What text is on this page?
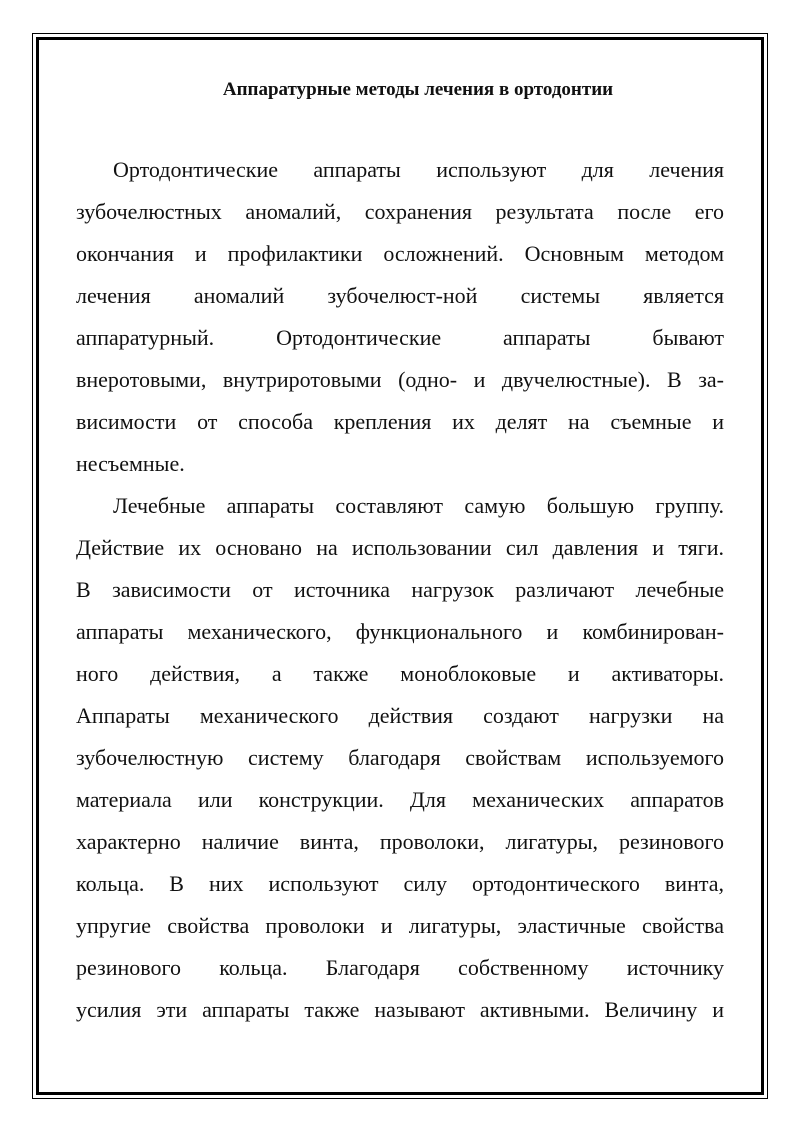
Аппаратурные методы лечения в ортодонтии

Ортодонтические аппараты используют для лечения

зубочелюстных аномалий, сохранения результата после его

окончания и профилактики осложнений. Основным методом

лечения аномалий зубочелюст-ной системы является

аппаратурный. Ортодонтические аппараты бывают

внеротовыми, внутриротовыми (одно- и двучелюстные). В за-

висимости от способа крепления их делят на съемные и

несъемные.

Лечебные аппараты составляют самую большую группу.

Действие их основано на использовании сил давления и тяги.

В зависимости от источника нагрузок различают лечебные

аппараты механического, функционального и комбинирован-

ного действия, а также моноблоковые и активаторы.

Аппараты механического действия создают нагрузки на

зубочелюстную систему благодаря свойствам используемого

материала или конструкции. Для механических аппаратов

характерно наличие винта, проволоки, лигатуры, резинового

кольца. В них используют силу ортодонтического винта,

упругие свойства проволоки и лигатуры, эластичные свойства

резинового кольца. Благодаря собственному источнику

усилия эти аппараты также называют активными. Величину и
